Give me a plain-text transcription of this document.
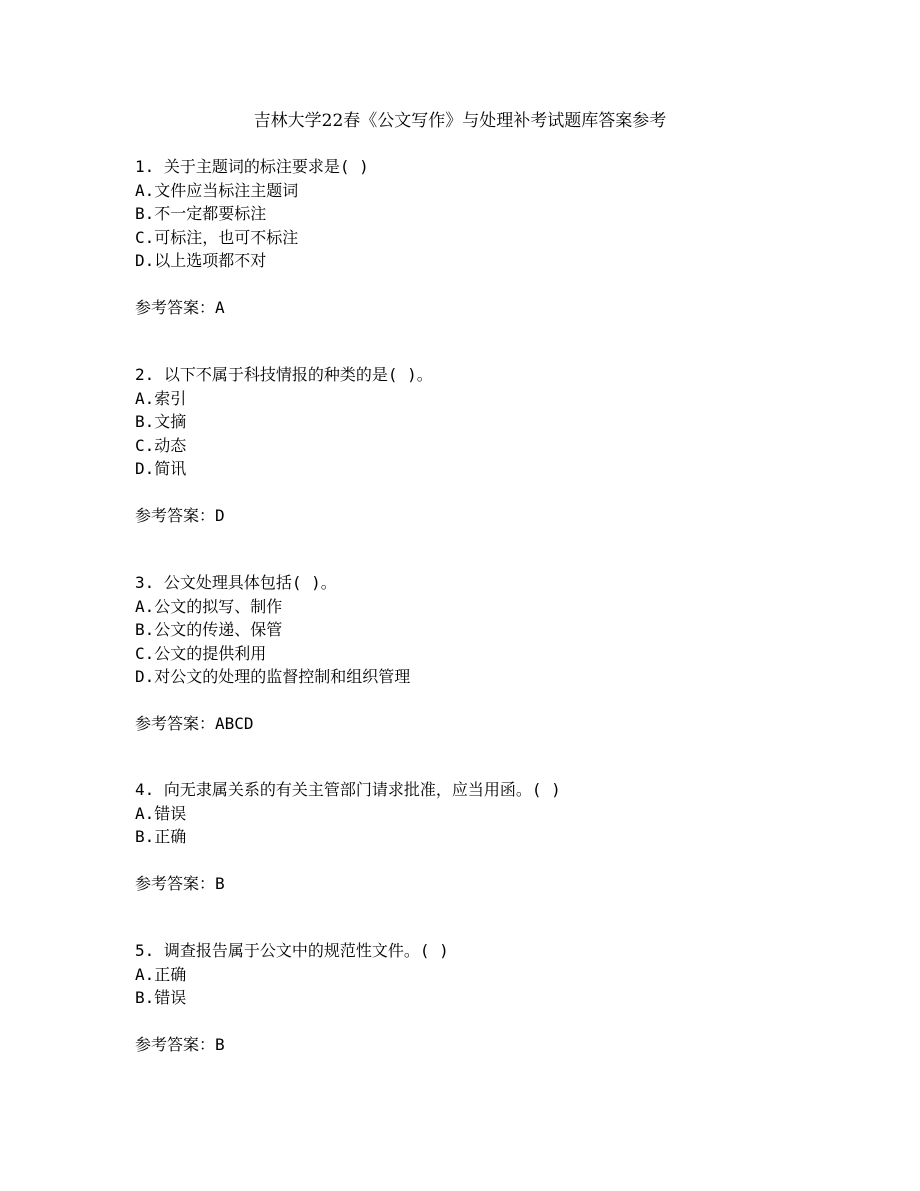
吉林大学22春《公文写作》与处理补考试题库答案参考
1. 关于主题词的标注要求是( )
A.文件应当标注主题词
B.不一定都要标注
C.可标注，也可不标注
D.以上选项都不对
参考答案：A
2. 以下不属于科技情报的种类的是( )。
A.索引
B.文摘
C.动态
D.简讯
参考答案：D
3. 公文处理具体包括( )。
A.公文的拟写、制作
B.公文的传递、保管
C.公文的提供利用
D.对公文的处理的监督控制和组织管理
参考答案：ABCD
4. 向无隶属关系的有关主管部门请求批准，应当用函。( )
A.错误
B.正确
参考答案：B
5. 调查报告属于公文中的规范性文件。( )
A.正确
B.错误
参考答案：B
